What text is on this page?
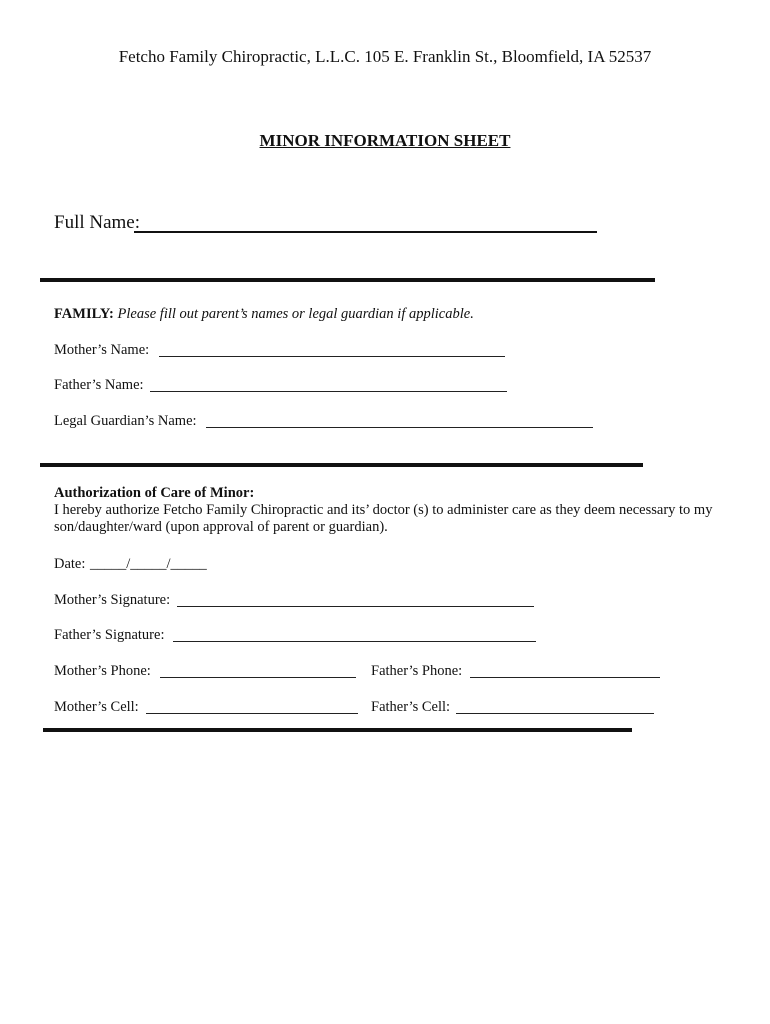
Fetcho Family Chiropractic, L.L.C. 105 E. Franklin St., Bloomfield, IA 52537
MINOR INFORMATION SHEET
Full Name:
FAMILY: Please fill out parent’s names or legal guardian if applicable.
Mother’s Name:
Father’s Name:
Legal Guardian’s Name:
Authorization of Care of Minor:
I hereby authorize Fetcho Family Chiropractic and its’ doctor (s) to administer care as they deem necessary to my son/daughter/ward (upon approval of parent or guardian).
Date: _____/_____/_____
Mother’s Signature:
Father’s Signature:
Mother’s Phone:	Father’s Phone:
Mother’s Cell:	Father’s Cell:
